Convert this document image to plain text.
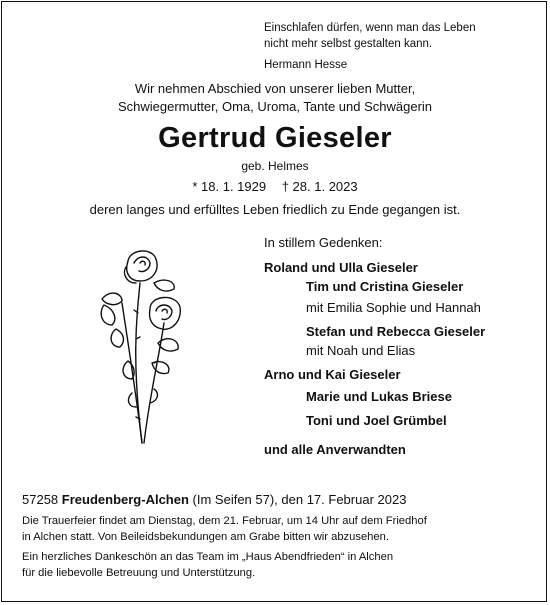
Einschlafen dürfen, wenn man das Leben
nicht mehr selbst gestalten kann.
Hermann Hesse
Wir nehmen Abschied von unserer lieben Mutter,
Schwiegermutter, Oma, Uroma, Tante und Schwägerin
Gertrud Gieseler
geb. Helmes
* 18. 1. 1929 † 28. 1. 2023
deren langes und erfülltes Leben friedlich zu Ende gegangen ist.
In stillem Gedenken:
Roland und Ulla Gieseler
Tim und Cristina Gieseler
mit Emilia Sophie und Hannah
Stefan und Rebecca Gieseler
mit Noah und Elias
Arno und Kai Gieseler
Marie und Lukas Briese
Toni und Joel Grümbel
und alle Anverwandten
57258 Freudenberg-Alchen (Im Seifen 57), den 17. Februar 2023
Die Trauerfeier findet am Dienstag, dem 21. Februar, um 14 Uhr auf dem Friedhof
in Alchen statt. Von Beileidsbekundungen am Grabe bitten wir abzusehen.
Ein herzliches Dankeschön an das Team im „Haus Abendfrieden“ in Alchen
für die liebevolle Betreuung und Unterstützung.
